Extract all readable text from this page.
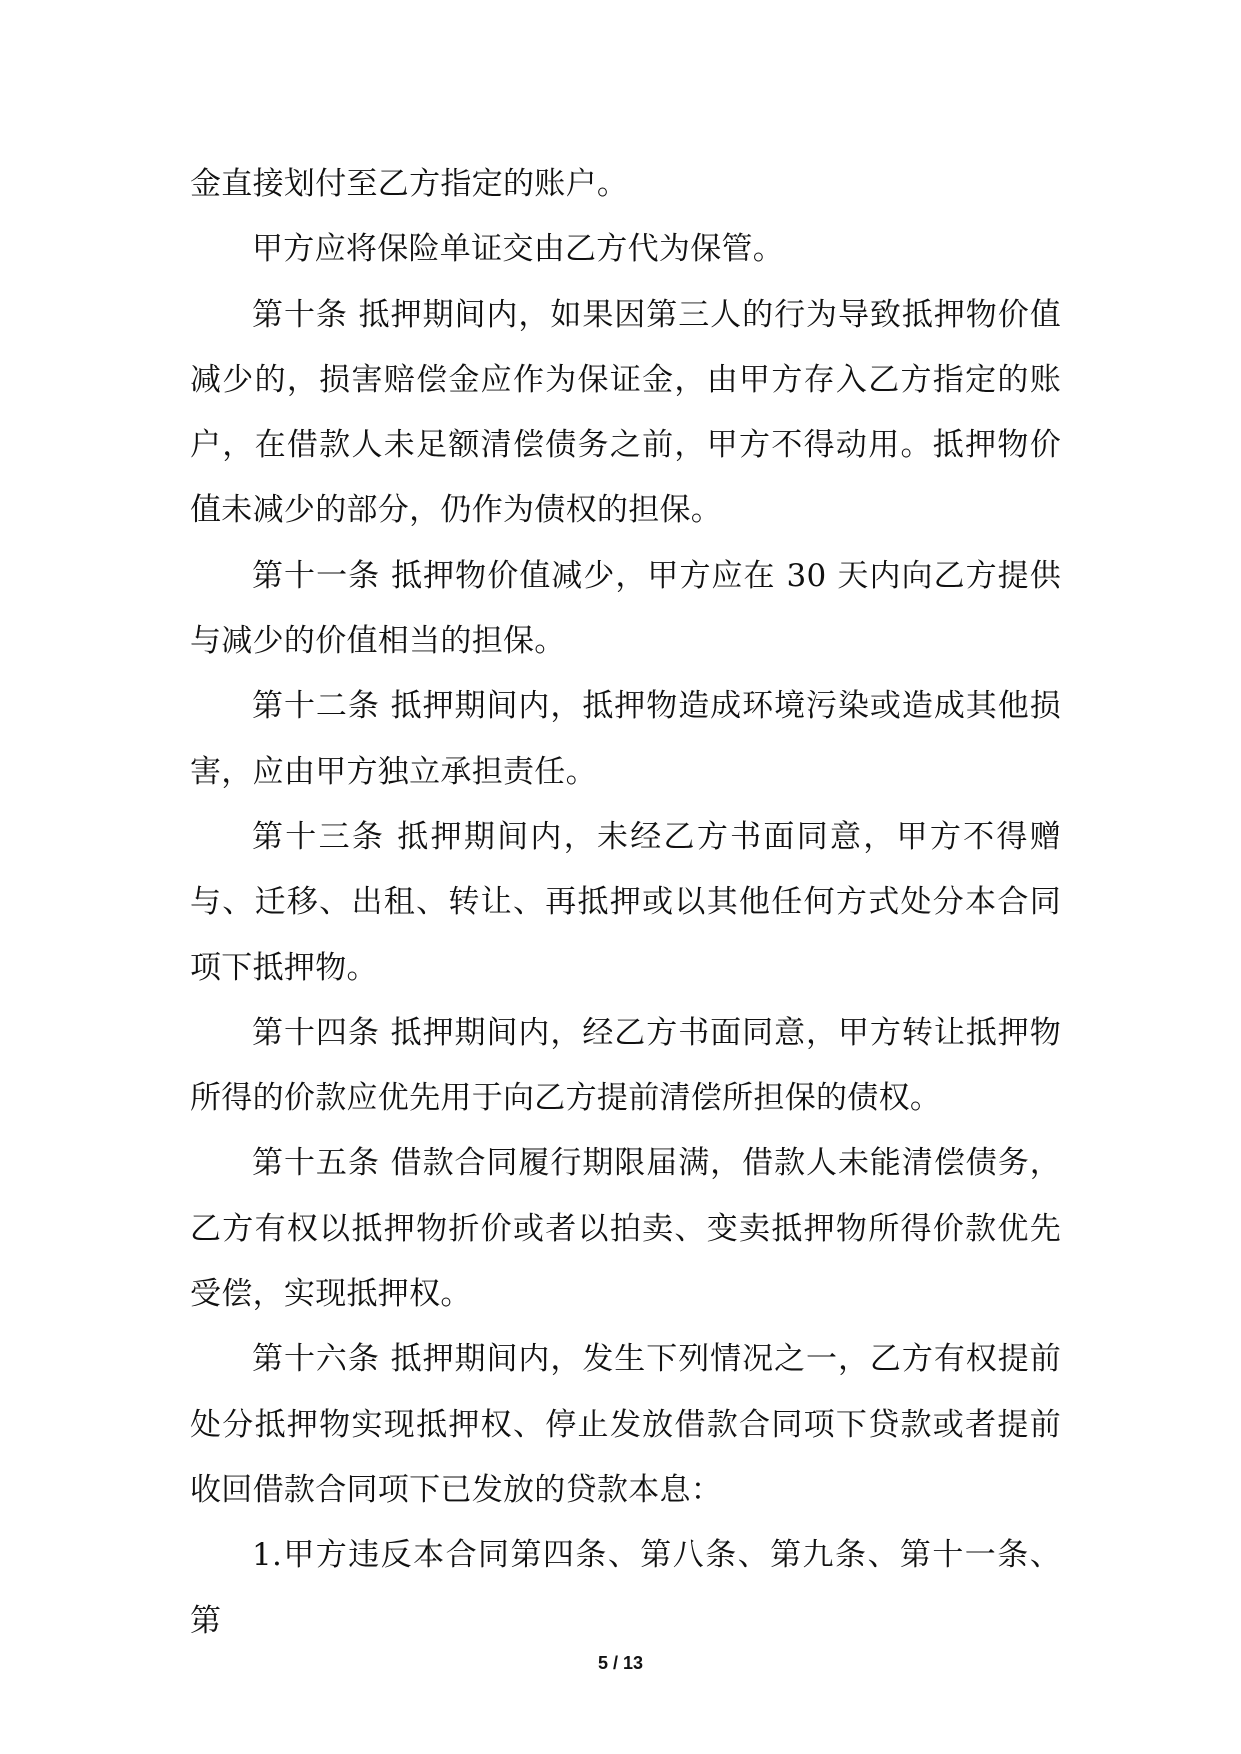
金直接划付至乙方指定的账户。

甲方应将保险单证交由乙方代为保管。

第十条 抵押期间内，如果因第三人的行为导致抵押物价值减少的，损害赔偿金应作为保证金，由甲方存入乙方指定的账户，在借款人未足额清偿债务之前，甲方不得动用。抵押物价值未减少的部分，仍作为债权的担保。

第十一条 抵押物价值减少，甲方应在 30 天内向乙方提供与减少的价值相当的担保。

第十二条 抵押期间内，抵押物造成环境污染或造成其他损害，应由甲方独立承担责任。

第十三条 抵押期间内，未经乙方书面同意，甲方不得赠与、迁移、出租、转让、再抵押或以其他任何方式处分本合同项下抵押物。

第十四条 抵押期间内，经乙方书面同意，甲方转让抵押物所得的价款应优先用于向乙方提前清偿所担保的债权。

第十五条 借款合同履行期限届满，借款人未能清偿债务，乙方有权以抵押物折价或者以拍卖、变卖抵押物所得价款优先受偿，实现抵押权。

第十六条 抵押期间内，发生下列情况之一，乙方有权提前处分抵押物实现抵押权、停止发放借款合同项下贷款或者提前收回借款合同项下已发放的贷款本息：

1.甲方违反本合同第四条、第八条、第九条、第十一条、第

5 / 13
